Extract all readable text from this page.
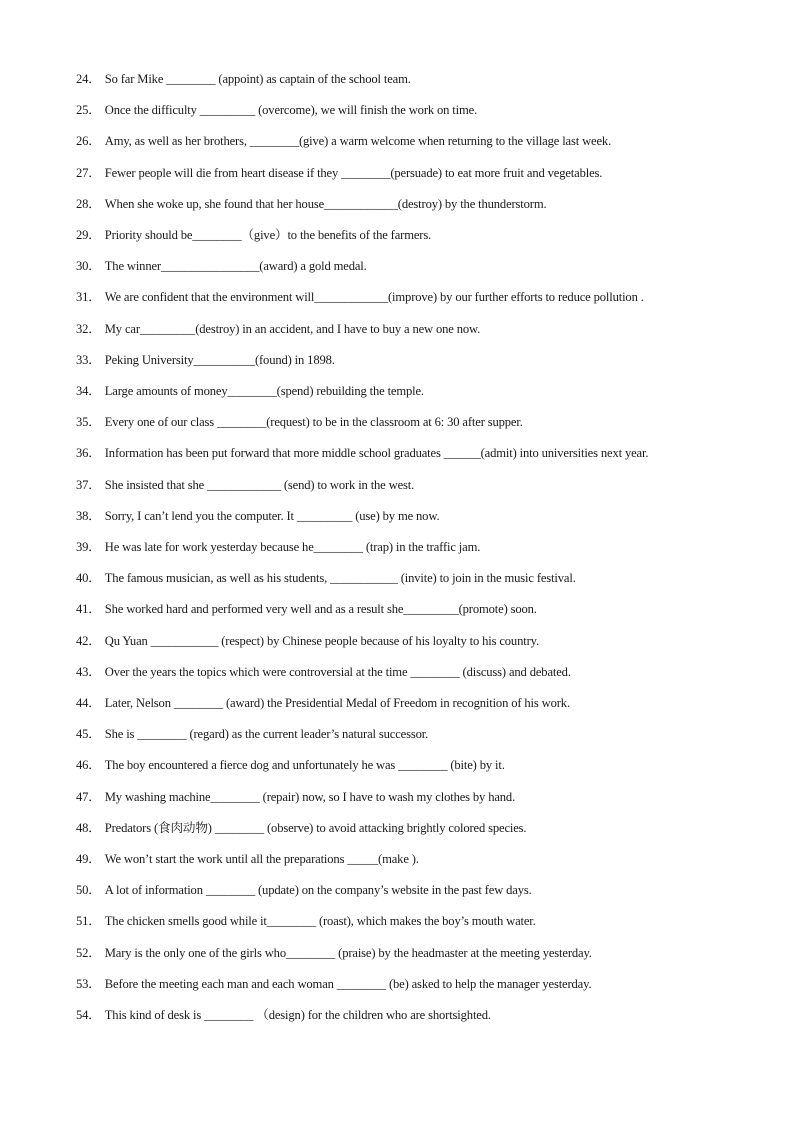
24． So far Mike ________ (appoint) as captain of the school team.
25． Once the difficulty _________ (overcome), we will finish the work on time.
26． Amy, as well as her brothers, ________(give) a warm welcome when returning to the village last week.
27． Fewer people will die from heart disease if they ________(persuade) to eat more fruit and vegetables.
28． When she woke up, she found that her house____________(destroy) by the thunderstorm.
29． Priority should be________（give）to the benefits of the farmers.
30． The winner________________(award) a gold medal.
31． We are confident that the environment will____________(improve) by our further efforts to reduce pollution .
32． My car_________(destroy) in an accident, and I have to buy a new one now.
33． Peking University__________(found) in 1898.
34． Large amounts of money________(spend) rebuilding the temple.
35． Every one of our class ________(request) to be in the classroom at 6: 30 after supper.
36． Information has been put forward that more middle school graduates ______(admit) into universities next year.
37． She insisted that she ____________ (send) to work in the west.
38． Sorry, I can’t lend you the computer. It _________ (use) by me now.
39． He was late for work yesterday because he________ (trap) in the traffic jam.
40． The famous musician, as well as his students, ___________ (invite) to join in the music festival.
41． She worked hard and performed very well and as a result she_________(promote) soon.
42． Qu Yuan ___________ (respect) by Chinese people because of his loyalty to his country.
43． Over the years the topics which were controversial at the time ________ (discuss) and debated.
44． Later, Nelson ________ (award) the Presidential Medal of Freedom in recognition of his work.
45． She is ________ (regard) as the current leader’s natural successor.
46． The boy encountered a fierce dog and unfortunately he was ________ (bite) by it.
47． My washing machine________ (repair) now, so I have to wash my clothes by hand.
48． Predators (食肉动物) ________ (observe) to avoid attacking brightly colored species.
49． We won’t start the work until all the preparations _____(make ).
50． A lot of information ________ (update) on the company’s website in the past few days.
51． The chicken smells good while it________ (roast), which makes the boy’s mouth water.
52． Mary is the only one of the girls who________ (praise) by the headmaster at the meeting yesterday.
53． Before the meeting each man and each woman ________ (be) asked to help the manager yesterday.
54． This kind of desk is ________ （design) for the children who are shortsighted.
